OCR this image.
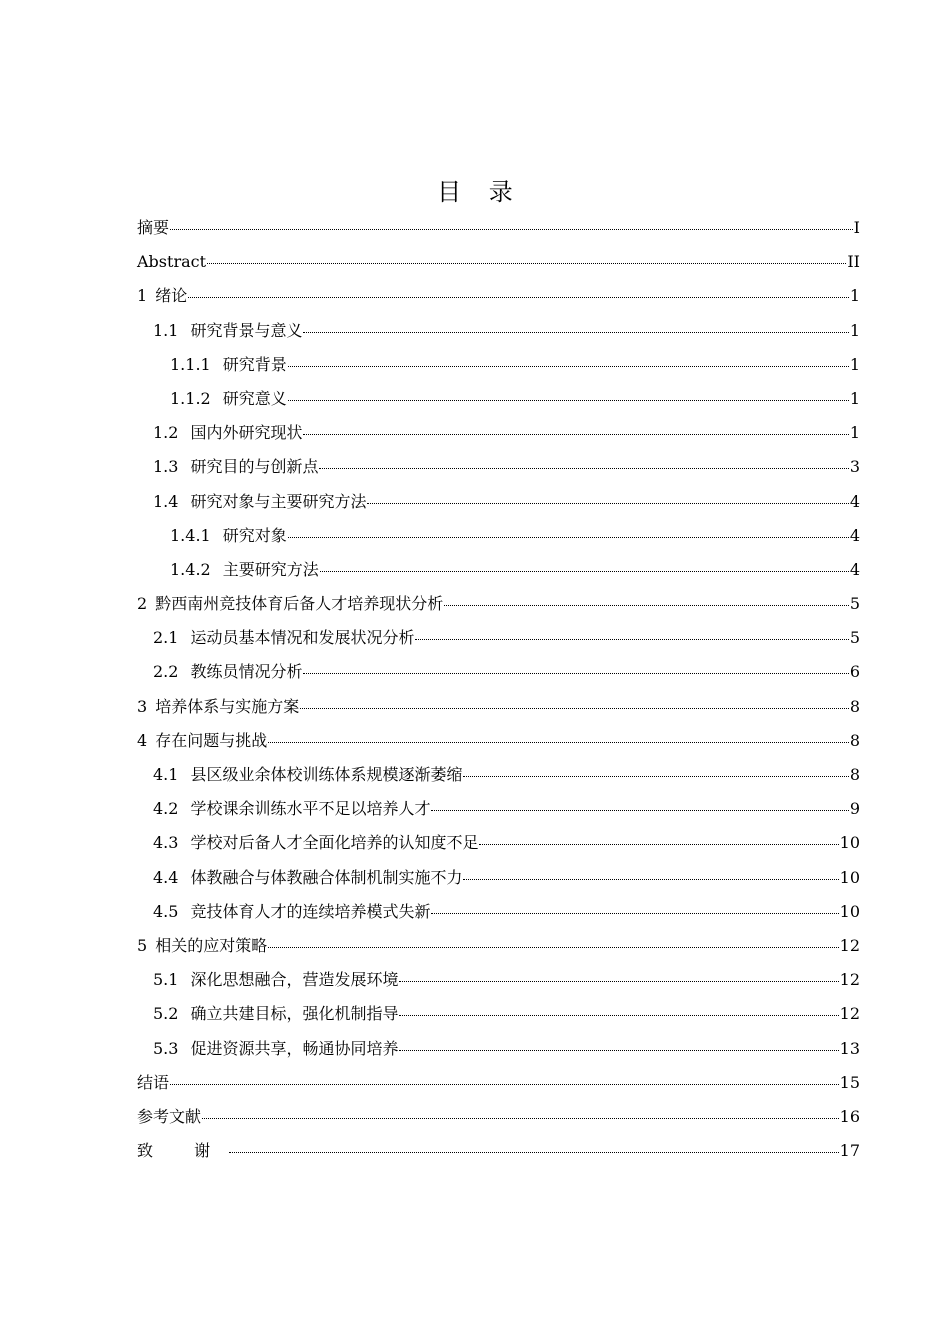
目 录
摘要	I
Abstract	II
1 绪论	1
1.1 研究背景与意义	1
1.1.1 研究背景	1
1.1.2 研究意义	1
1.2 国内外研究现状	1
1.3 研究目的与创新点	3
1.4 研究对象与主要研究方法	4
1.4.1 研究对象	4
1.4.2 主要研究方法	4
2 黔西南州竞技体育后备人才培养现状分析	5
2.1 运动员基本情况和发展状况分析	5
2.2 教练员情况分析	6
3 培养体系与实施方案	8
4 存在问题与挑战	8
4.1 县区级业余体校训练体系规模逐渐萎缩	8
4.2 学校课余训练水平不足以培养人才	9
4.3 学校对后备人才全面化培养的认知度不足	10
4.4 体教融合与体教融合体制机制实施不力	10
4.5 竞技体育人才的连续培养模式失新	10
5 相关的应对策略	12
5.1 深化思想融合，营造发展环境	12
5.2 确立共建目标，强化机制指导	12
5.3 促进资源共享，畅通协同培养	13
结语	15
参考文献	16
致 谢	17
